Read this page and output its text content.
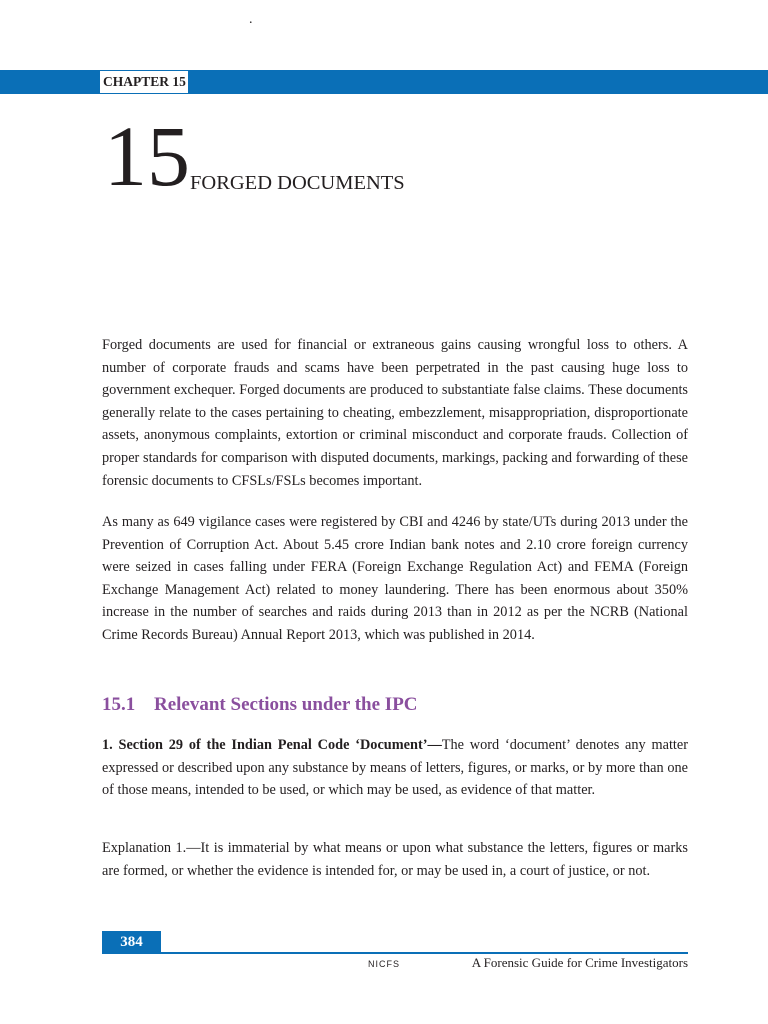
.
CHAPTER 15
15 FORGED DOCUMENTS

Forged documents are used for financial or extraneous gains causing wrongful loss to others. A number of corporate frauds and scams have been perpetrated in the past causing huge loss to government exchequer. Forged documents are produced to substantiate false claims. These documents generally relate to the cases pertaining to cheating, embezzlement, misappropriation, disproportionate assets, anonymous complaints, extortion or criminal misconduct and corporate frauds. Collection of proper standards for comparison with disputed documents, markings, packing and forwarding of these forensic documents to CFSLs/FSLs becomes important.

As many as 649 vigilance cases were registered by CBI and 4246 by state/UTs during 2013 under the Prevention of Corruption Act. About 5.45 crore Indian bank notes and 2.10 crore foreign currency were seized in cases falling under FERA (Foreign Exchange Regulation Act) and FEMA (Foreign Exchange Management Act) related to money laundering. There has been enormous about 350% increase in the number of searches and raids during 2013 than in 2012 as per the NCRB (National Crime Records Bureau) Annual Report 2013, which was published in 2014.

15.1 Relevant Sections under the IPC

1. Section 29 of the Indian Penal Code ‘Document’—The word ‘document’ denotes any matter expressed or described upon any substance by means of letters, figures, or marks, or by more than one of those means, intended to be used, or which may be used, as evidence of that matter.

Explanation 1.—It is immaterial by what means or upon what substance the letters, figures or marks are formed, or whether the evidence is intended for, or may be used in, a court of justice, or not.

384
NICFS	A Forensic Guide for Crime Investigators
